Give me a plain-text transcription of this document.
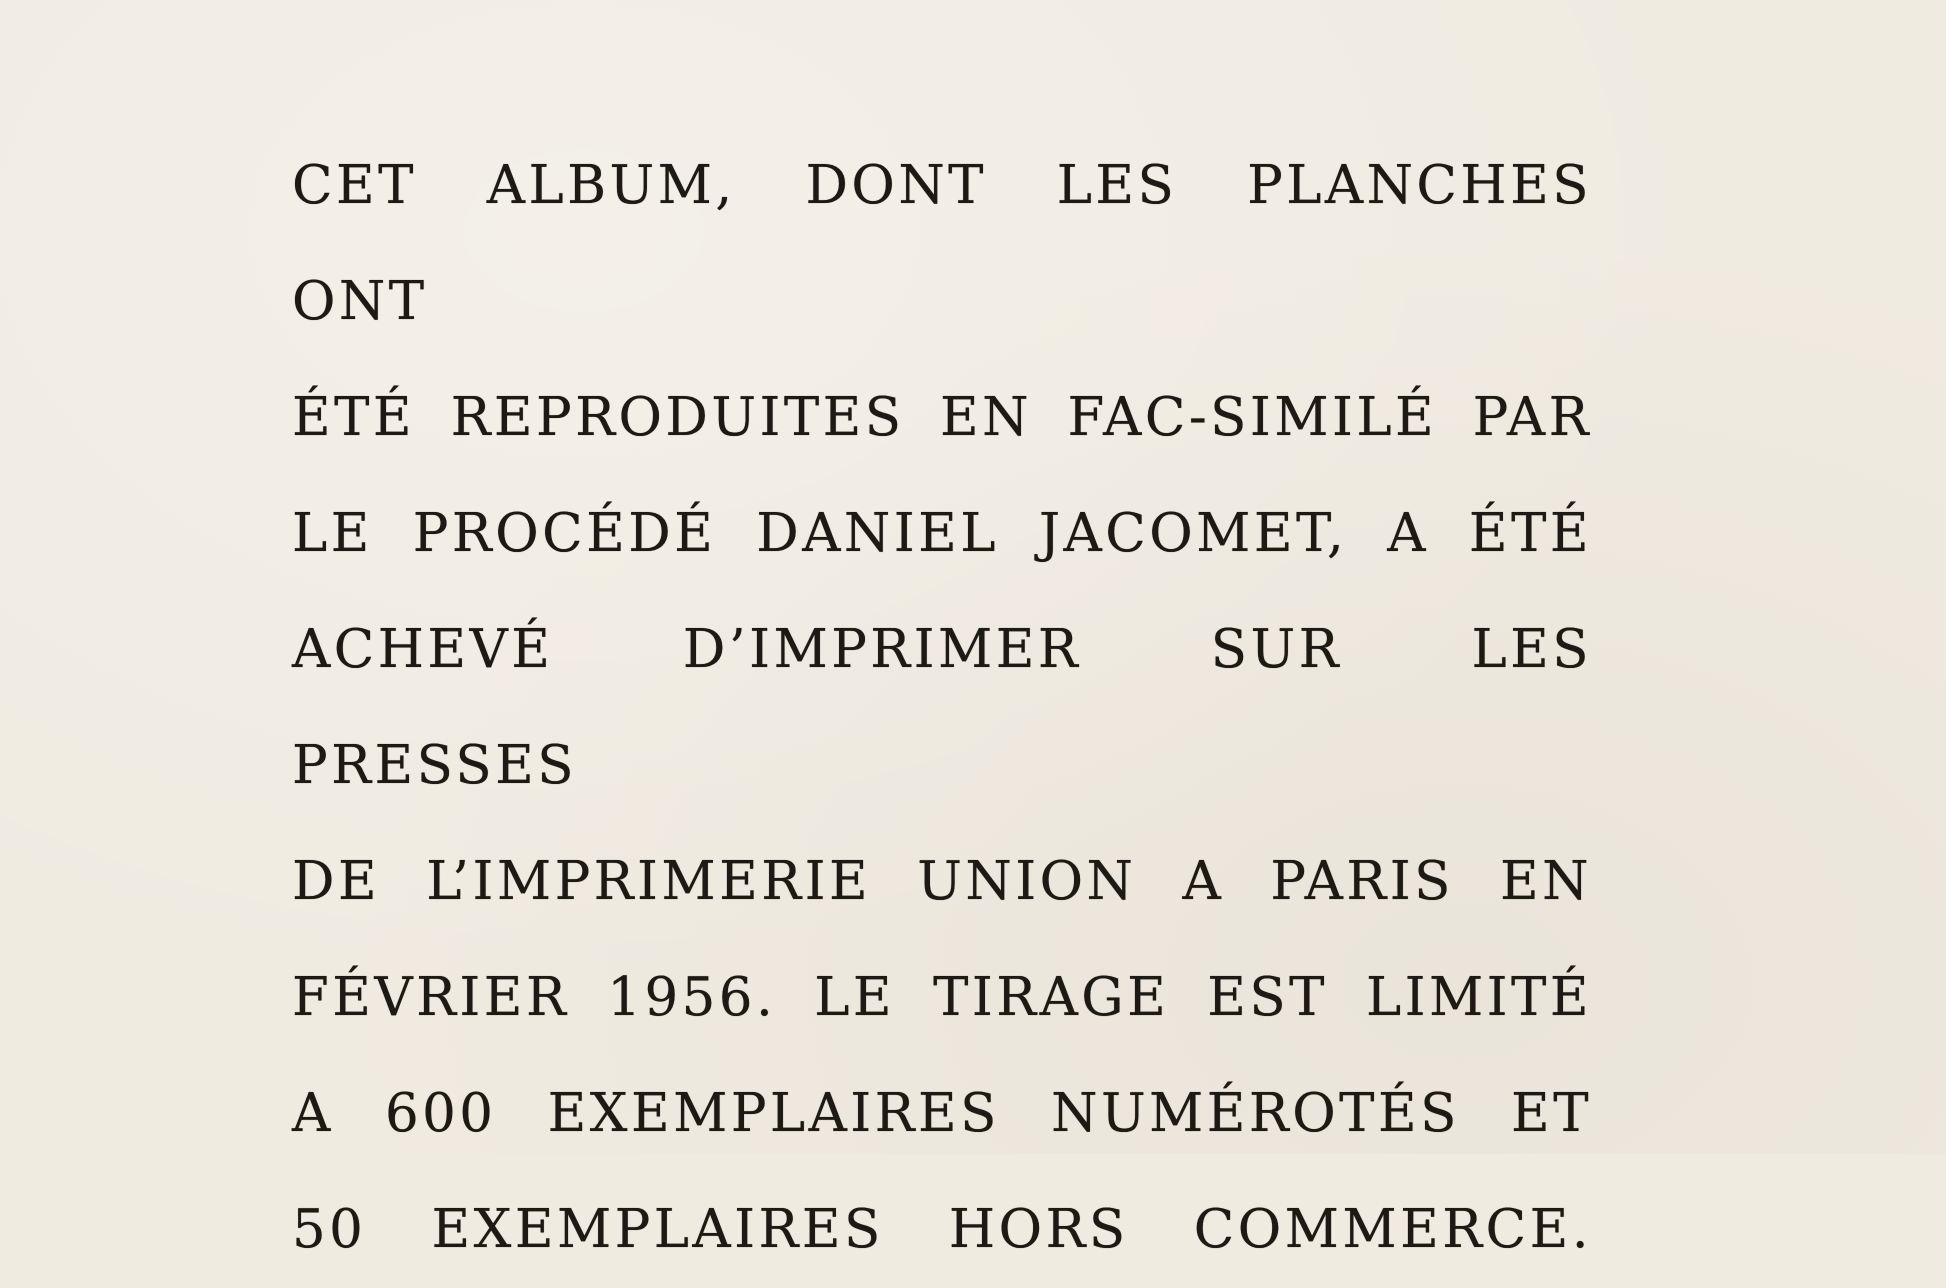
CET ALBUM, DONT LES PLANCHES ONT
ÉTÉ REPRODUITES EN FAC-SIMILÉ PAR
LE PROCÉDÉ DANIEL JACOMET, A ÉTÉ
ACHEVÉ D’IMPRIMER SUR LES PRESSES
DE L’IMPRIMERIE UNION A PARIS EN
FÉVRIER 1956. LE TIRAGE EST LIMITÉ
A 600 EXEMPLAIRES NUMÉROTÉS ET
50 EXEMPLAIRES HORS COMMERCE.
